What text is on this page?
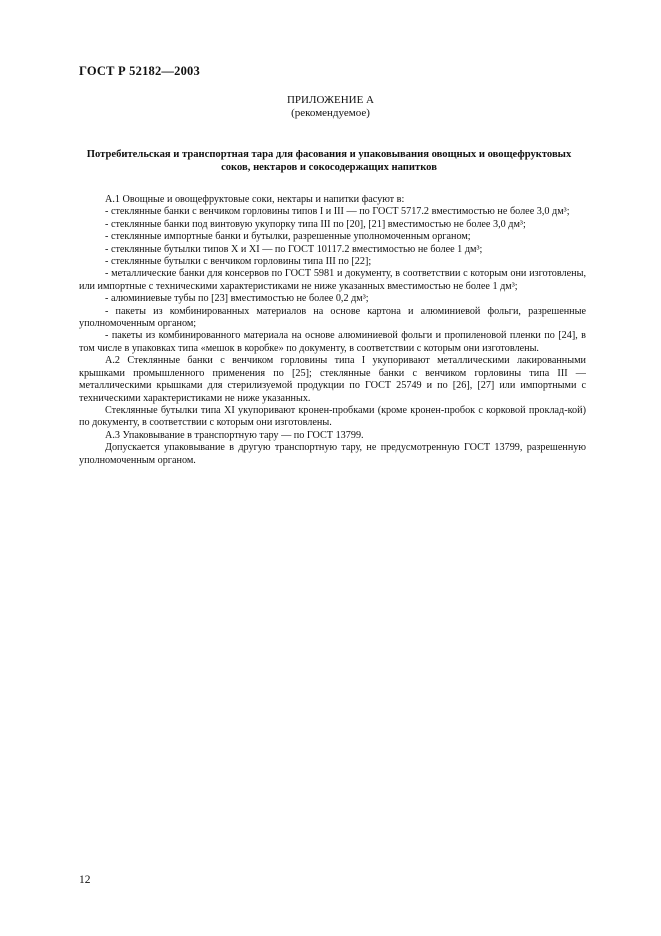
ГОСТ Р 52182—2003
ПРИЛОЖЕНИЕ А
(рекомендуемое)
Потребительская и транспортная тара для фасования и упаковывания овощных и овощефруктовых
соков, нектаров и сокосодержащих напитков

А.1 Овощные и овощефруктовые соки, нектары и напитки фасуют в:

- стеклянные банки с венчиком горловины типов I и III — по ГОСТ 5717.2 вместимостью не более 3,0 дм³;

- стеклянные банки под винтовую укупорку типа III по [20], [21] вместимостью не более 3,0 дм³;

- стеклянные импортные банки и бутылки, разрешенные уполномоченным органом;

- стеклянные бутылки типов X и XI — по ГОСТ 10117.2 вместимостью не более 1 дм³;

- стеклянные бутылки с венчиком горловины типа III по [22];

- металлические банки для консервов по ГОСТ 5981 и документу, в соответствии с которым они изготовлены, или импортные с техническими характеристиками не ниже указанных вместимостью не более 1 дм³;

- алюминиевые тубы по [23] вместимостью не более 0,2 дм³;

- пакеты из комбинированных материалов на основе картона и алюминиевой фольги, разрешенные уполномоченным органом;

- пакеты из комбинированного материала на основе алюминиевой фольги и пропиленовой пленки по [24], в том числе в упаковках типа «мешок в коробке» по документу, в соответствии с которым они изготовлены.

А.2 Стеклянные банки с венчиком горловины типа I укупоривают металлическими лакированными крышками промышленного применения по [25]; стеклянные банки с венчиком горловины типа III — металлическими крышками для стерилизуемой продукции по ГОСТ 25749 и по [26], [27] или импортными с техническими характеристиками не ниже указанных.

Стеклянные бутылки типа XI укупоривают кронен-пробками (кроме кронен-пробок с корковой проклад-кой) по документу, в соответствии с которым они изготовлены.

А.3 Упаковывание в транспортную тару — по ГОСТ 13799.

Допускается упаковывание в другую транспортную тару, не предусмотренную ГОСТ 13799, разрешенную уполномоченным органом.

12
